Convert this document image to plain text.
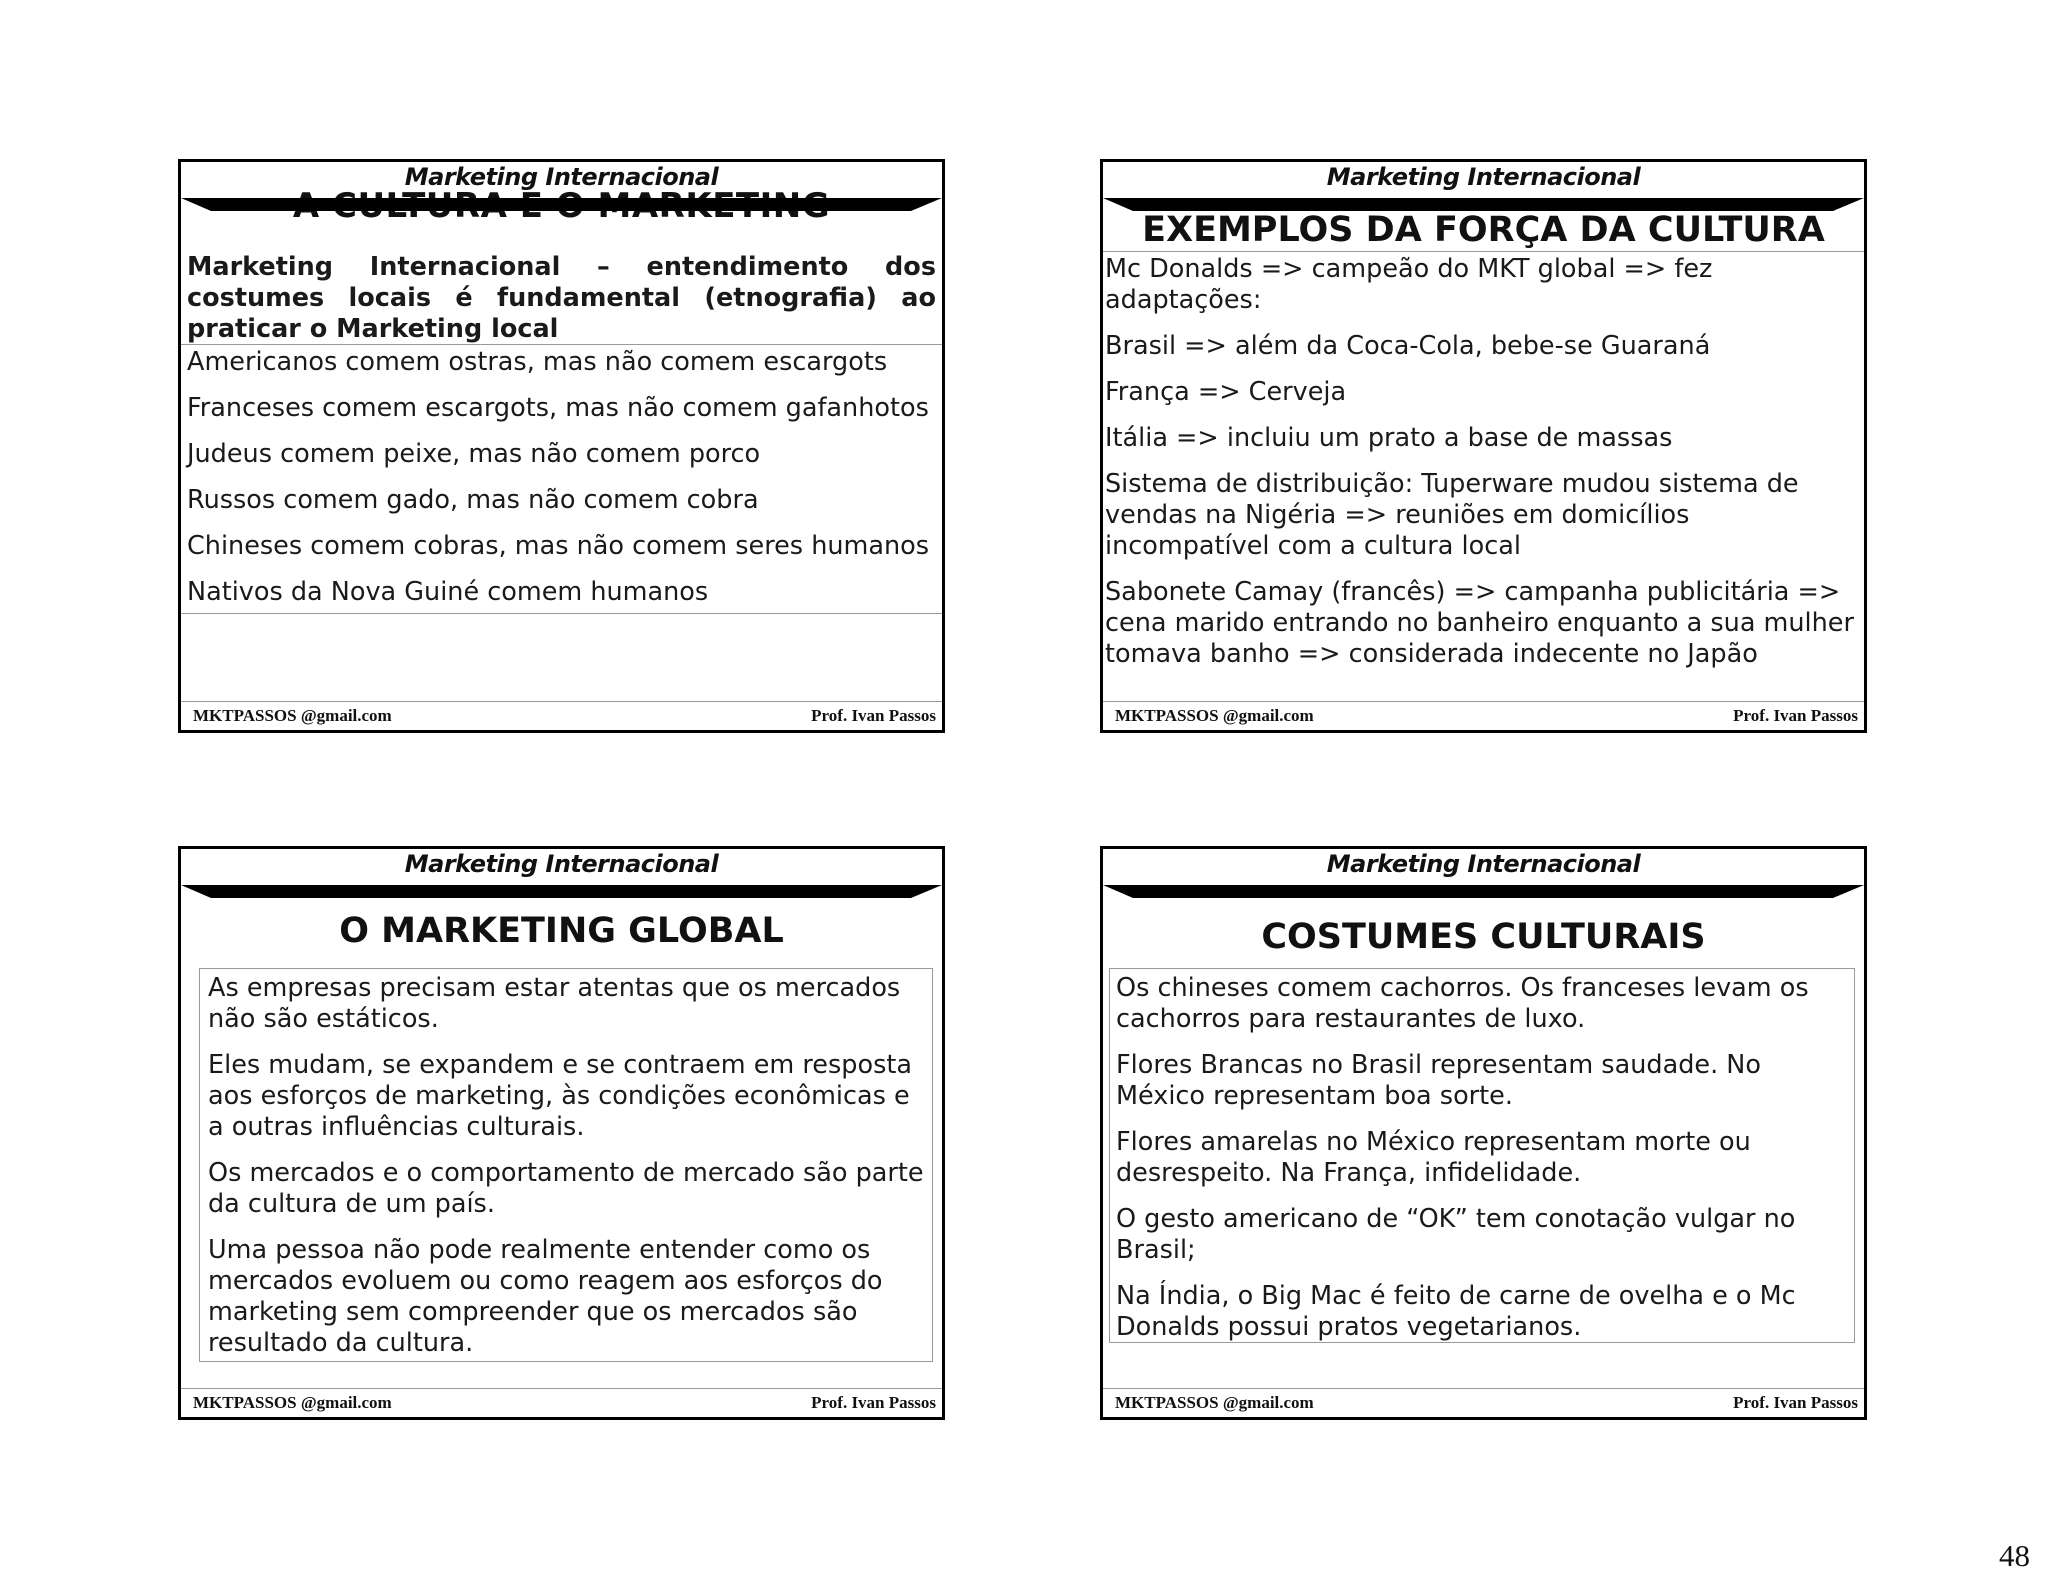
Marketing Internacional
Marketing Internacional – entendimento dos costumes locais é fundamental (etnografia) ao praticar o Marketing local
Americanos comem ostras, mas não comem escargots
Franceses comem escargots, mas não comem gafanhotos
Judeus comem peixe, mas não comem porco
Russos comem gado, mas não comem cobra
Chineses comem cobras, mas não comem seres humanos
Nativos da Nova Guiné comem humanos
MKTPASSOS @gmail.com	Prof. Ivan Passos
Marketing Internacional
EXEMPLOS DA FORÇA DA CULTURA
Mc Donalds => campeão do MKT global => fez adaptações:
Brasil => além da Coca-Cola, bebe-se Guaraná
França => Cerveja
Itália => incluiu um prato a base de massas
Sistema de distribuição: Tuperware mudou sistema de vendas na Nigéria => reuniões em domicílios incompatível com a cultura local
Sabonete Camay (francês) => campanha publicitária => cena marido entrando no banheiro enquanto a sua mulher tomava banho => considerada indecente no Japão
MKTPASSOS @gmail.com	Prof. Ivan Passos
Marketing Internacional
O MARKETING GLOBAL
As empresas precisam estar atentas que os mercados não são estáticos.
Eles mudam, se expandem e se contraem em resposta aos esforços de marketing, às condições econômicas e a outras influências culturais.
Os mercados e o comportamento de mercado são parte da cultura de um país.
Uma pessoa não pode realmente entender como os mercados evoluem ou como reagem aos esforços do marketing sem compreender que os mercados são resultado da cultura.
MKTPASSOS @gmail.com	Prof. Ivan Passos
Marketing Internacional
COSTUMES CULTURAIS
Os chineses comem cachorros. Os franceses levam os cachorros para restaurantes de luxo.
Flores Brancas no Brasil representam saudade. No México representam boa sorte.
Flores amarelas no México representam morte ou desrespeito. Na França, infidelidade.
O gesto americano de “OK” tem conotação vulgar no Brasil;
Na Índia, o Big Mac é feito de carne de ovelha e o Mc Donalds possui pratos vegetarianos.
MKTPASSOS @gmail.com	Prof. Ivan Passos
48
